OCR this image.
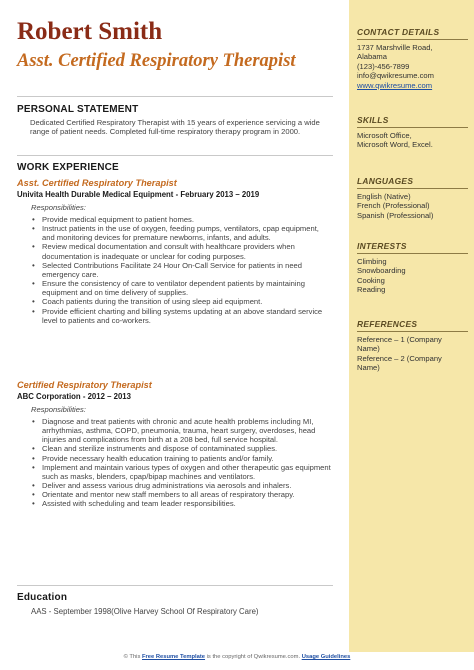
Robert Smith
Asst. Certified Respiratory Therapist
PERSONAL STATEMENT
Dedicated Certified Respiratory Therapist with 15 years of experience servicing a wide range of patient needs. Completed full-time respiratory therapy program in 2000.
WORK EXPERIENCE
Asst. Certified Respiratory Therapist
Univita Health Durable Medical Equipment - February 2013 – 2019
Responsibilities:
• Provide medical equipment to patient homes.
• Instruct patients in the use of oxygen, feeding pumps, ventilators, cpap equipment, and monitoring devices for premature newborns, infants, and adults.
• Review medical documentation and consult with healthcare providers when documentation is inadequate or unclear for coding purposes.
• Selected Contributions Facilitate 24 Hour On-Call Service for patients in need emergency care.
• Ensure the consistency of care to ventilator dependent patients by maintaining equipment and on time delivery of supplies.
• Coach patients during the transition of using sleep aid equipment.
• Provide efficient charting and billing systems updating at an above standard service level to patients and co-workers.
Certified Respiratory Therapist
ABC Corporation - 2012 – 2013
Responsibilities:
• Diagnose and treat patients with chronic and acute health problems including MI, arrhythmias, asthma, COPD, pneumonia, trauma, heart surgery, overdoses, head injuries and complications from birth at a 208 bed, full service hospital.
• Clean and sterilize instruments and dispose of contaminated supplies.
• Provide necessary health education training to patients and/or family.
• Implement and maintain various types of oxygen and other therapeutic gas equipment such as masks, blenders, cpap/bipap machines and ventilators.
• Deliver and assess various drug administrations via aerosols and inhalers.
• Orientate and mentor new staff members to all areas of respiratory therapy.
• Assisted with scheduling and team leader responsibilities.
Education
AAS - September 1998(Olive Harvey School Of Respiratory Care)
CONTACT DETAILS
1737 Marshville Road,
Alabama
(123)-456-7899
info@qwikresume.com
www.qwikresume.com
SKILLS
Microsoft Office,
Microsoft Word, Excel.
LANGUAGES
English (Native)
French (Professional)
Spanish (Professional)
INTERESTS
Climbing
Snowboarding
Cooking
Reading
REFERENCES
Reference – 1 (Company
Name)
Reference – 2 (Company
Name)
© This Free Resume Template is the copyright of Qwikresume.com. Usage Guidelines
